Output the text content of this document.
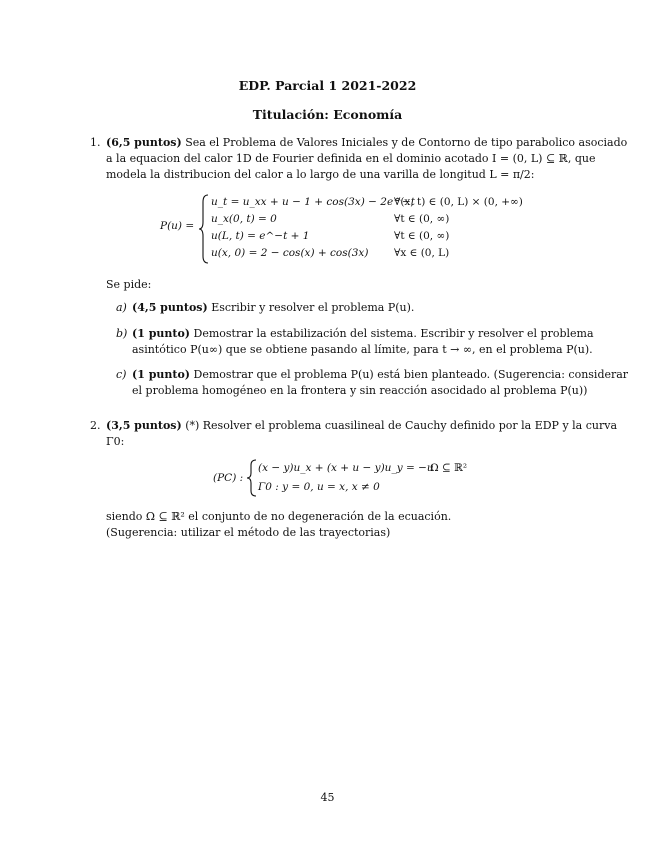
EDP. Parcial 1 2021-2022
Titulación: Economía
1. (6,5 puntos) Sea el Problema de Valores Iniciales y de Contorno de tipo parabolico asociado
a la equacion del calor 1D de Fourier definida en el dominio acotado I = (0, L) ⊆ ℝ, que
modela la distribucion del calor a lo largo de una varilla de longitud L = π/2:
P(u) =
u_t = u_xx + u − 1 + cos(3x) − 2e^−t
∀(x, t) ∈ (0, L) × (0, +∞)
u_x(0, t) = 0	∀t ∈ (0, ∞)
u(L, t) = e^−t + 1	∀t ∈ (0, ∞)
u(x, 0) = 2 − cos(x) + cos(3x) ∀x ∈ (0, L)
Se pide:
a) (4,5 puntos) Escribir y resolver el problema P(u).
b) (1 punto) Demostrar la estabilización del sistema. Escribir y resolver el problema
asintótico P(u∞) que se obtiene pasando al límite, para t → ∞, en el problema P(u).
c) (1 punto) Demostrar que el problema P(u) está bien planteado. (Sugerencia: considerar
el problema homogéneo en la frontera y sin reacción asocidado al problema P(u))
2. (3,5 puntos) (*) Resolver el problema cuasilineal de Cauchy definido por la EDP y la curva
Γ0:
(PC) :
(x − y)u_x + (x + u − y)u_y = −u
Ω ⊆ ℝ²
Γ0 : y = 0, u = x, x ≠ 0
siendo Ω ⊆ ℝ² el conjunto de no degeneración de la ecuación.
(Sugerencia: utilizar el método de las trayectorias)
45
